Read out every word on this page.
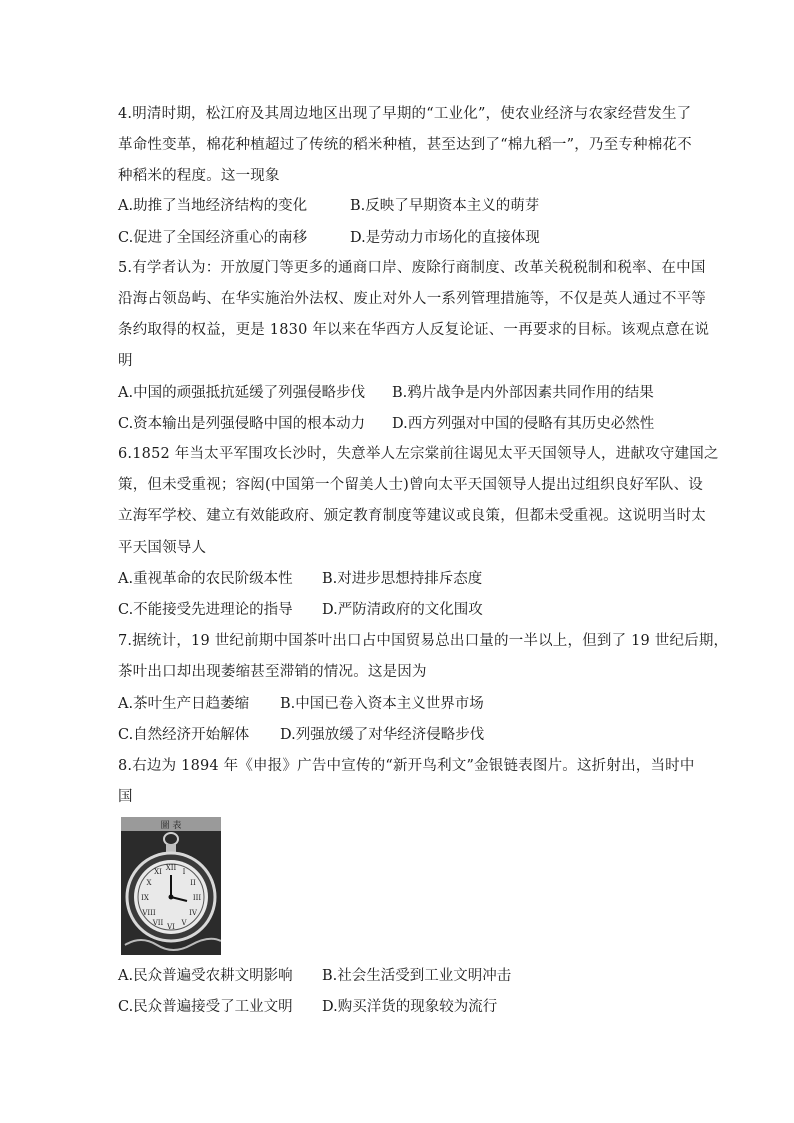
4.明清时期，松江府及其周边地区出现了早期的“工业化”，使农业经济与农家经营发生了
革命性变革，棉花种植超过了传统的稻米种植，甚至达到了“棉九稻一”，乃至专种棉花不
种稻米的程度。这一现象
A.助推了当地经济结构的变化	B.反映了早期资本主义的萌芽
C.促进了全国经济重心的南移	D.是劳动力市场化的直接体现
5.有学者认为：开放厦门等更多的通商口岸、废除行商制度、改革关税税制和税率、在中国
沿海占领岛屿、在华实施治外法权、废止对外人一系列管理措施等，不仅是英人通过不平等
条约取得的权益，更是 1830 年以来在华西方人反复论证、一再要求的目标。该观点意在说
明
A.中国的顽强抵抗延缓了列强侵略步伐 B.鸦片战争是内外部因素共同作用的结果
C.资本输出是列强侵略中国的根本动力 D.西方列强对中国的侵略有其历史必然性
6.1852 年当太平军围攻长沙时，失意举人左宗棠前往谒见太平天国领导人，进献攻守建国之
策，但未受重视；容闳(中国第一个留美人士)曾向太平天国领导人提出过组织良好军队、设
立海军学校、建立有效能政府、颁定教育制度等建议或良策，但都未受重视。这说明当时太
平天国领导人
A.重视革命的农民阶级本性 B.对进步思想持排斥态度
C.不能接受先进理论的指导 D.严防清政府的文化围攻
7.据统计，19 世纪前期中国茶叶出口占中国贸易总出口量的一半以上，但到了 19 世纪后期，
茶叶出口却出现萎缩甚至滞销的情况。这是因为
A.茶叶生产日趋萎缩 B.中国已卷入资本主义世界市场
C.自然经济开始解体 D.列强放缓了对华经济侵略步伐
8.右边为 1894 年《申报》广告中宣传的“新开鸟利文”金银链表图片。这折射出，当时中
国
圖 表
XII
III
VI
IX
I
II
IV
V
VII
VIII
X
XI
A.民众普遍受农耕文明影响 B.社会生活受到工业文明冲击
C.民众普遍接受了工业文明 D.购买洋货的现象较为流行
